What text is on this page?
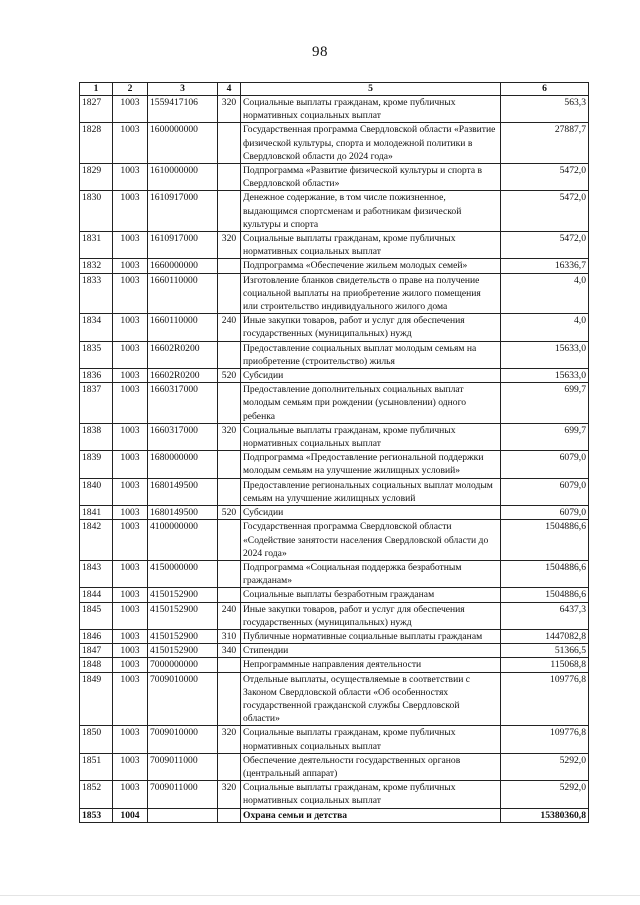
98
1	2	3	4	5	6
1827	1003	1559417106	320	Социальные выплаты гражданам, кроме публичных нормативных социальных выплат	563,3
1828	1003	1600000000		Государственная программа Свердловской области «Развитие физической культуры, спорта и молодежной политики в Свердловской области до 2024 года»	27887,7
1829	1003	1610000000		Подпрограмма «Развитие физической культуры и спорта в Свердловской области»	5472,0
1830	1003	1610917000		Денежное содержание, в том числе пожизненное, выдающимся спортсменам и работникам физической культуры и спорта	5472,0
1831	1003	1610917000	320	Социальные выплаты гражданам, кроме публичных нормативных социальных выплат	5472,0
1832	1003	1660000000		Подпрограмма «Обеспечение жильем молодых семей»	16336,7
1833	1003	1660110000		Изготовление бланков свидетельств о праве на получение социальной выплаты на приобретение жилого помещения или строительство индивидуального жилого дома	4,0
1834	1003	1660110000	240	Иные закупки товаров, работ и услуг для обеспечения государственных (муниципальных) нужд	4,0
1835	1003	16602R0200		Предоставление социальных выплат молодым семьям на приобретение (строительство) жилья	15633,0
1836	1003	16602R0200	520	Субсидии	15633,0
1837	1003	1660317000		Предоставление дополнительных социальных выплат молодым семьям при рождении (усыновлении) одного ребенка	699,7
1838	1003	1660317000	320	Социальные выплаты гражданам, кроме публичных нормативных социальных выплат	699,7
1839	1003	1680000000		Подпрограмма «Предоставление региональной поддержки молодым семьям на улучшение жилищных условий»	6079,0
1840	1003	1680149500		Предоставление региональных социальных выплат молодым семьям на улучшение жилищных условий	6079,0
1841	1003	1680149500	520	Субсидии	6079,0
1842	1003	4100000000		Государственная программа Свердловской области «Содействие занятости населения Свердловской области до 2024 года»	1504886,6
1843	1003	4150000000		Подпрограмма «Социальная поддержка безработным гражданам»	1504886,6
1844	1003	4150152900		Социальные выплаты безработным гражданам	1504886,6
1845	1003	4150152900	240	Иные закупки товаров, работ и услуг для обеспечения государственных (муниципальных) нужд	6437,3
1846	1003	4150152900	310	Публичные нормативные социальные выплаты гражданам	1447082,8
1847	1003	4150152900	340	Стипендии	51366,5
1848	1003	7000000000		Непрограммные направления деятельности	115068,8
1849	1003	7009010000		Отдельные выплаты, осуществляемые в соответствии с Законом Свердловской области «Об особенностях государственной гражданской службы Свердловской области»	109776,8
1850	1003	7009010000	320	Социальные выплаты гражданам, кроме публичных нормативных социальных выплат	109776,8
1851	1003	7009011000		Обеспечение деятельности государственных органов (центральный аппарат)	5292,0
1852	1003	7009011000	320	Социальные выплаты гражданам, кроме публичных нормативных социальных выплат	5292,0
1853	1004			Охрана семьи и детства	15380360,8
